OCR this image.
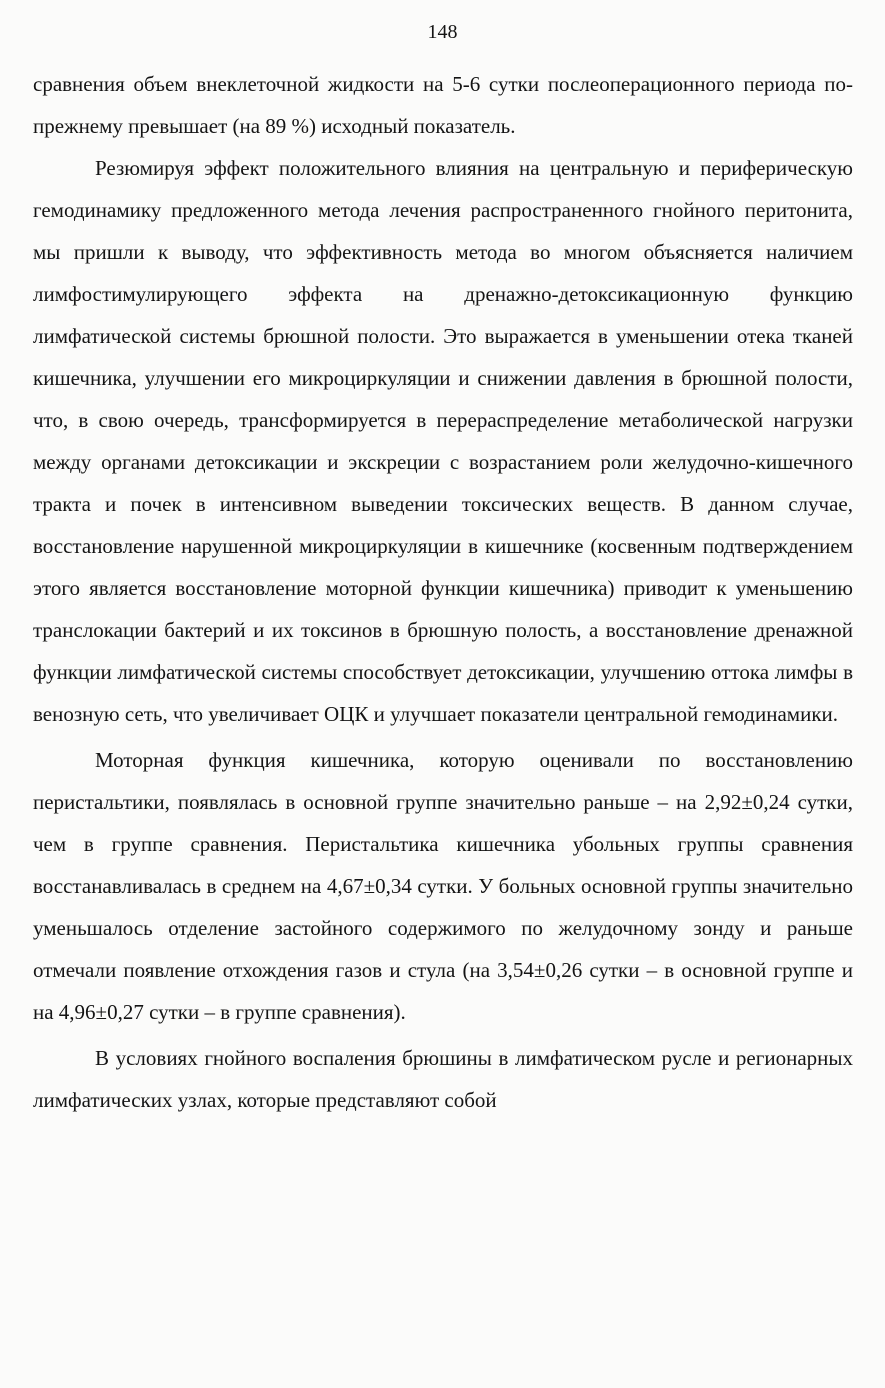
148

сравнения объем внеклеточной жидкости на 5-6 сутки послеоперационного периода по-прежнему превышает (на 89 %) исходный показатель.

Резюмируя эффект положительного влияния на центральную и периферическую гемодинамику предложенного метода лечения распространенного гнойного перитонита, мы пришли к выводу, что эффективность метода во многом объясняется наличием лимфостимулирующего эффекта на дренажно-детоксикационную функцию лимфатической системы брюшной полости. Это выражается в уменьшении отека тканей кишечника, улучшении его микроциркуляции и снижении давления в брюшной полости, что, в свою очередь, трансформируется в перераспределение метаболической нагрузки между органами детоксикации и экскреции с возрастанием роли желудочно-кишечного тракта и почек в интенсивном выведении токсических веществ. В данном случае, восстановление нарушенной микроциркуляции в кишечнике (косвенным подтверждением этого является восстановление моторной функции кишечника) приводит к уменьшению транслокации бактерий и их токсинов в брюшную полость, а восстановление дренажной функции лимфатической системы способствует детоксикации, улучшению оттока лимфы в венозную сеть, что увеличивает ОЦК и улучшает показатели центральной гемодинамики.

Моторная функция кишечника, которую оценивали по восстановлению перистальтики, появлялась в основной группе значительно раньше – на 2,92±0,24 сутки, чем в группе сравнения. Перистальтика кишечника убольных группы сравнения восстанавливалась в среднем на 4,67±0,34 сутки. У больных основной группы значительно уменьшалось отделение застойного содержимого по желудочному зонду и раньше отмечали появление отхождения газов и стула (на 3,54±0,26 сутки – в основной группе и на 4,96±0,27 сутки – в группе сравнения).

В условиях гнойного воспаления брюшины в лимфатическом русле и регионарных лимфатических узлах, которые представляют собой
